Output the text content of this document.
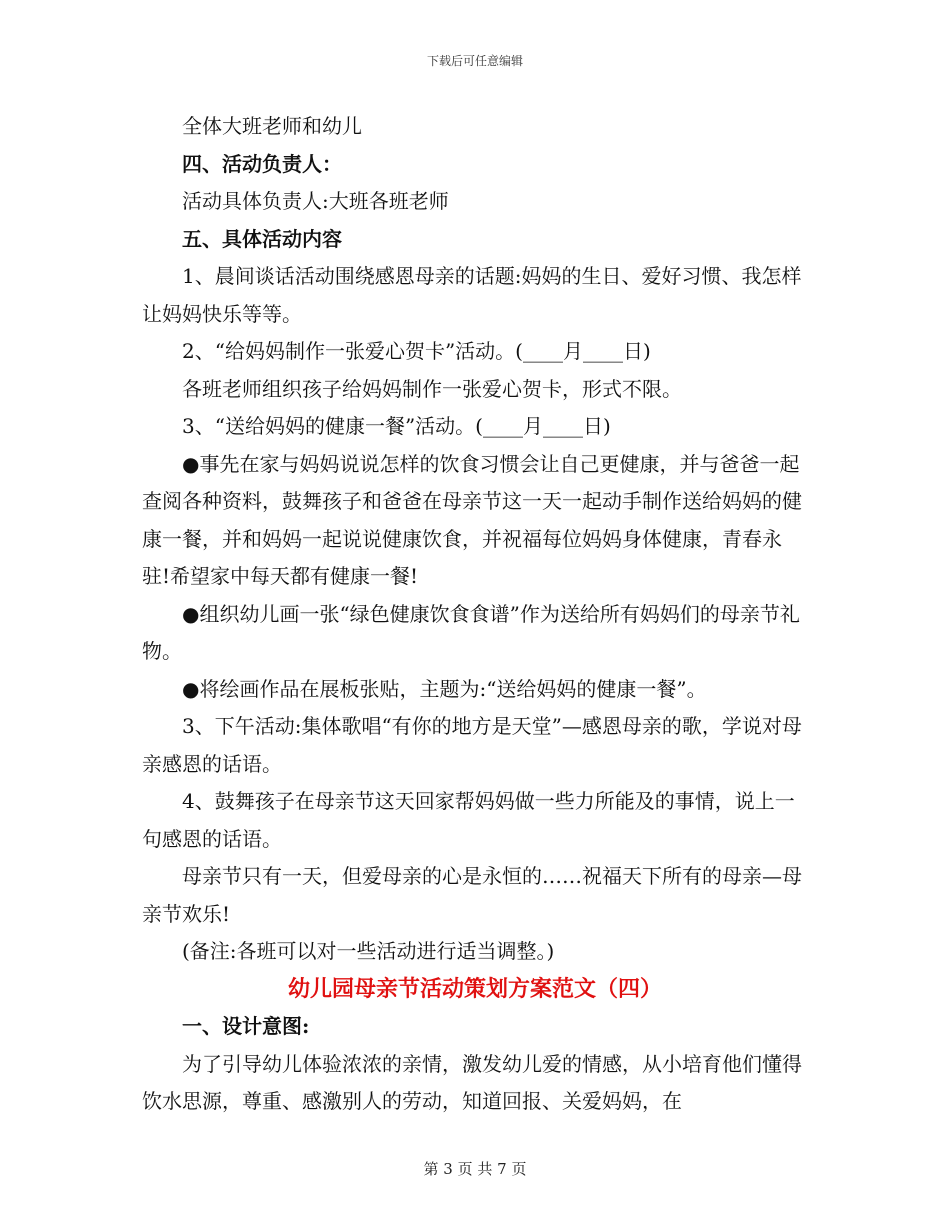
下载后可任意编辑

全体大班老师和幼儿

四、活动负责人：

活动具体负责人:大班各班老师

五、具体活动内容

1、晨间谈话活动围绕感恩母亲的话题:妈妈的生日、爱好习惯、我怎样让妈妈快乐等等。

2、“给妈妈制作一张爱心贺卡”活动。(____月____日)

各班老师组织孩子给妈妈制作一张爱心贺卡，形式不限。

3、“送给妈妈的健康一餐”活动。(____月____日)

●事先在家与妈妈说说怎样的饮食习惯会让自己更健康，并与爸爸一起查阅各种资料，鼓舞孩子和爸爸在母亲节这一天一起动手制作送给妈妈的健康一餐，并和妈妈一起说说健康饮食，并祝福每位妈妈身体健康，青春永驻!希望家中每天都有健康一餐!

●组织幼儿画一张“绿色健康饮食食谱”作为送给所有妈妈们的母亲节礼物。

●将绘画作品在展板张贴，主题为:“送给妈妈的健康一餐”。

3、下午活动:集体歌唱“有你的地方是天堂”—感恩母亲的歌，学说对母亲感恩的话语。

4、鼓舞孩子在母亲节这天回家帮妈妈做一些力所能及的事情，说上一句感恩的话语。

母亲节只有一天，但爱母亲的心是永恒的……祝福天下所有的母亲—母亲节欢乐!

(备注:各班可以对一些活动进行适当调整。)

幼儿园母亲节活动策划方案范文（四）

一、设计意图:

为了引导幼儿体验浓浓的亲情，激发幼儿爱的情感，从小培育他们懂得饮水思源，尊重、感激别人的劳动，知道回报、关爱妈妈，在

第 3 页 共 7 页
